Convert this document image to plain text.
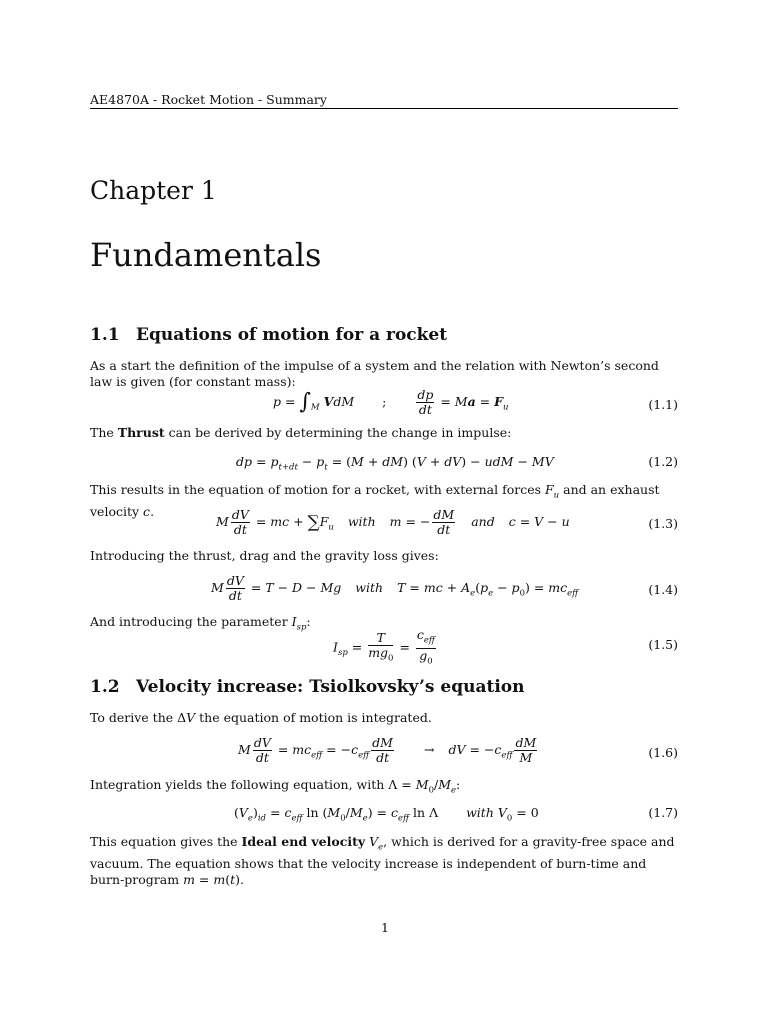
AE4870A - Rocket Motion - Summary
Chapter 1
Fundamentals
1.1 Equations of motion for a rocket
As a start the definition of the impulse of a system and the relation with Newton’s second law is given (for constant mass):
$p = \int_M$ VdM ; $\frac{dp}{dt} = Ma = F_u$	(1.1)
The Thrust can be derived by determining the change in impulse:
dp = $p_{t+dt} - p_t = (M + dM) (V + dV)$ − udM − MV	(1.2)
This results in the equation of motion for a rocket, with external forces $F_u$ and an exhaust velocity c.
M $\frac{dV}{dt}$ = mc + $\sum F_u$ with m = − $\frac{dM}{dt}$ and c = V − u	(1.3)
Introducing the thrust, drag and the gravity loss gives:
M $\frac{dV}{dt} = T - D - Mg$ with T = mc + $A_e(p_e - p_0) = mc_{eff}$	(1.4)
And introducing the parameter $I_{sp}$:
$I_{sp} = \frac{T}{mg_0} = \frac{c_{eff}}{g_0}$	(1.5)
1.2 Velocity increase: Tsiolkovsky’s equation
To derive the ΔV the equation of motion is integrated.
M $\frac{dV}{dt} = mc_{eff} = -c_{eff} \frac{dM}{dt}$ → dV = $-c_{eff} \frac{dM}{M}$	(1.6)
Integration yields the following equation, with $\Lambda = M_0/M_e$:
$(V_e)_{id} = c_{eff}$ $\ln (M_0/M_e) = c_{eff}$ ln Λ with $V_0 = 0$	(1.7)
This equation gives the Ideal end velocity $V_e$, which is derived for a gravity-free space and vacuum. The equation shows that the velocity increase is independent of burn-time and burn-program m = m(t).
1
